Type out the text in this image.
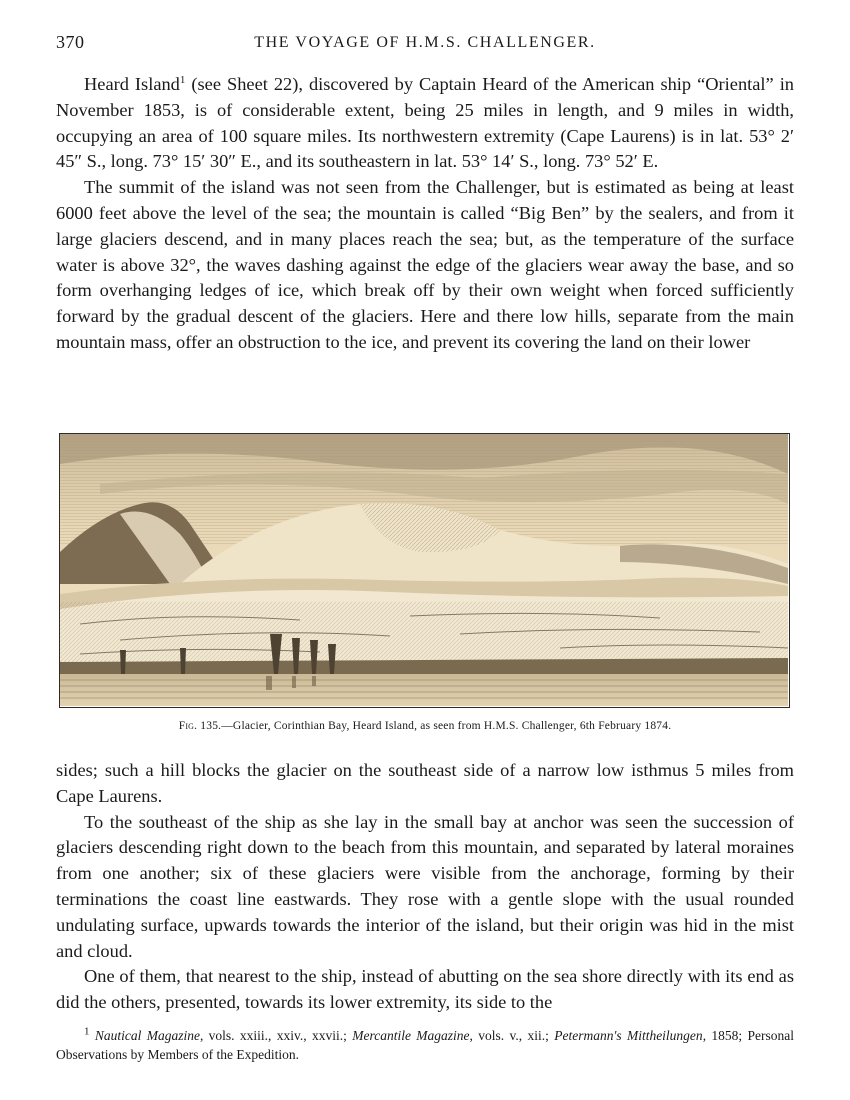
370	THE VOYAGE OF H.M.S. CHALLENGER.

Heard Island$^1$ (see Sheet 22), discovered by Captain Heard of the American ship “Oriental” in November 1853, is of considerable extent, being 25 miles in length, and 9 miles in width, occupying an area of 100 square miles. Its northwestern extremity (Cape Laurens) is in lat. 53° 2′ 45″ S., long. 73° 15′ 30″ E., and its southeastern in lat. 53° 14′ S., long. 73° 52′ E.

The summit of the island was not seen from the Challenger, but is estimated as being at least 6000 feet above the level of the sea; the mountain is called “Big Ben” by the sealers, and from it large glaciers descend, and in many places reach the sea; but, as the temperature of the surface water is above 32°, the waves dashing against the edge of the glaciers wear away the base, and so form overhanging ledges of ice, which break off by their own weight when forced sufficiently forward by the gradual descent of the glaciers. Here and there low hills, separate from the main mountain mass, offer an obstruction to the ice, and prevent its covering the land on their lower

Fig. 135.—Glacier, Corinthian Bay, Heard Island, as seen from H.M.S. Challenger, 6th February 1874.

sides; such a hill blocks the glacier on the southeast side of a narrow low isthmus 5 miles from Cape Laurens.

To the southeast of the ship as she lay in the small bay at anchor was seen the succession of glaciers descending right down to the beach from this mountain, and separated by lateral moraines from one another; six of these glaciers were visible from the anchorage, forming by their terminations the coast line eastwards. They rose with a gentle slope with the usual rounded undulating surface, upwards towards the interior of the island, but their origin was hid in the mist and cloud.

One of them, that nearest to the ship, instead of abutting on the sea shore directly with its end as did the others, presented, towards its lower extremity, its side to the

$^1$ Nautical Magazine, vols. xxiii., xxiv., xxvii.; Mercantile Magazine, vols. v., xii.; Petermann's Mittheilungen, 1858; Personal Observations by Members of the Expedition.
